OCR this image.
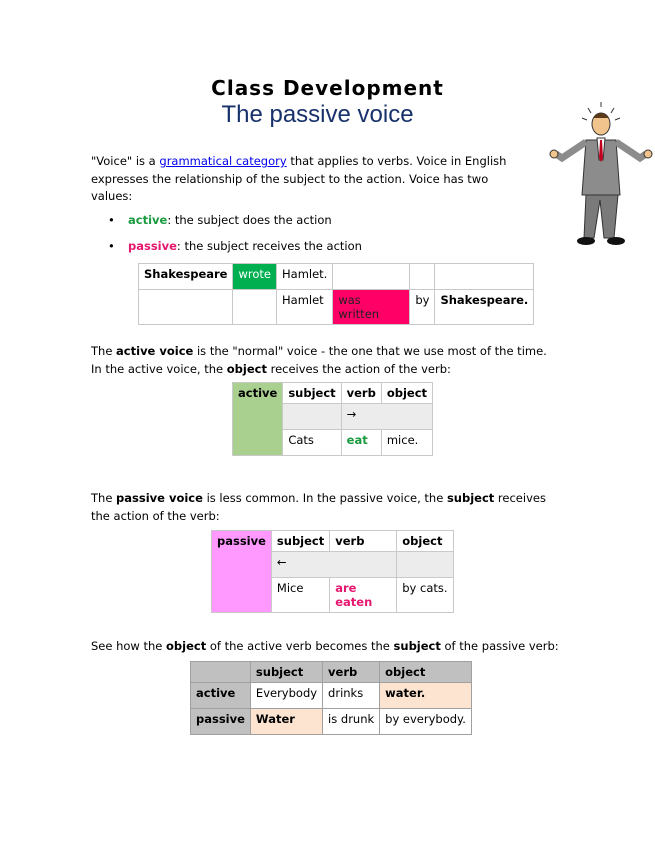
Class Development
The passive voice
"Voice" is a grammatical category that applies to verbs. Voice in English expresses the relationship of the subject to the action. Voice has two values:
• active: the subject does the action
• passive: the subject receives the action
Shakespeare	wrote	Hamlet.			
		Hamlet	was written	by	Shakespeare.
The active voice is the "normal" voice - the one that we use most of the time. In the active voice, the object receives the action of the verb:
active	subject	verb	object
		→	
	Cats	eat	mice.
The passive voice is less common. In the passive voice, the subject receives the action of the verb:
passive	subject	verb	object
	←		
	Mice	are eaten	by cats.
See how the object of the active verb becomes the subject of the passive verb:
	subject	verb	object
active	Everybody	drinks	water.
passive	Water	is drunk	by everybody.
